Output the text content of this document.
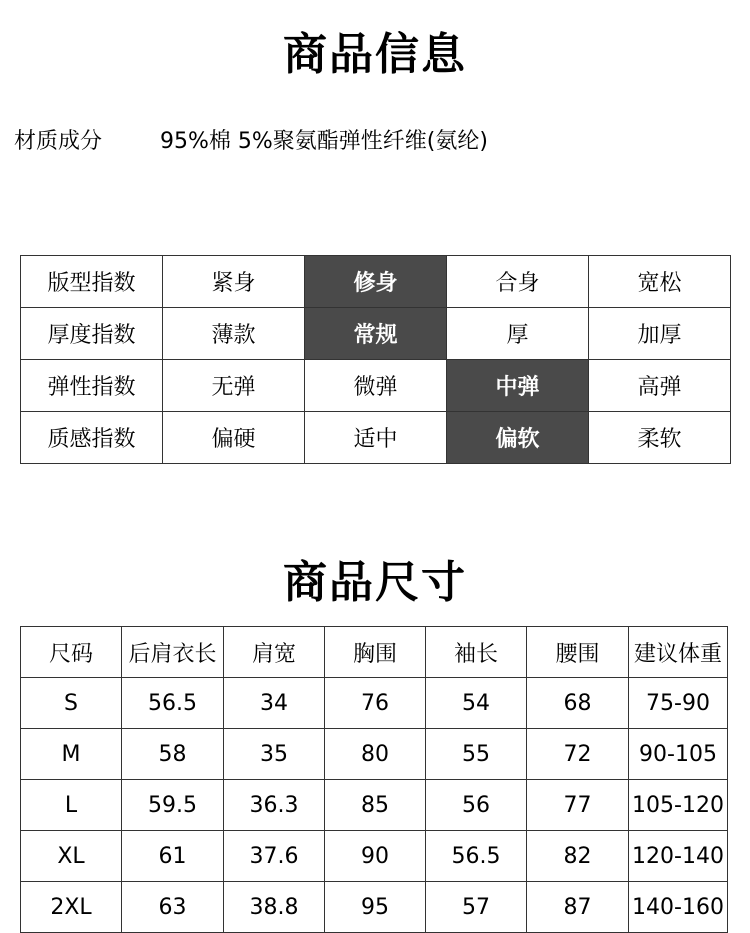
商品信息
材质成分	95%棉 5%聚氨酯弹性纤维(氨纶)
版型指数	紧身	修身	合身	宽松
厚度指数	薄款	常规	厚	加厚
弹性指数	无弹	微弹	中弹	高弹
质感指数	偏硬	适中	偏软	柔软
商品尺寸
尺码	后肩衣长	肩宽	胸围	袖长	腰围	建议体重
S	56.5	34	76	54	68	75-90
M	58	35	80	55	72	90-105
L	59.5	36.3	85	56	77	105-120
XL	61	37.6	90	56.5	82	120-140
2XL	63	38.8	95	57	87	140-160
